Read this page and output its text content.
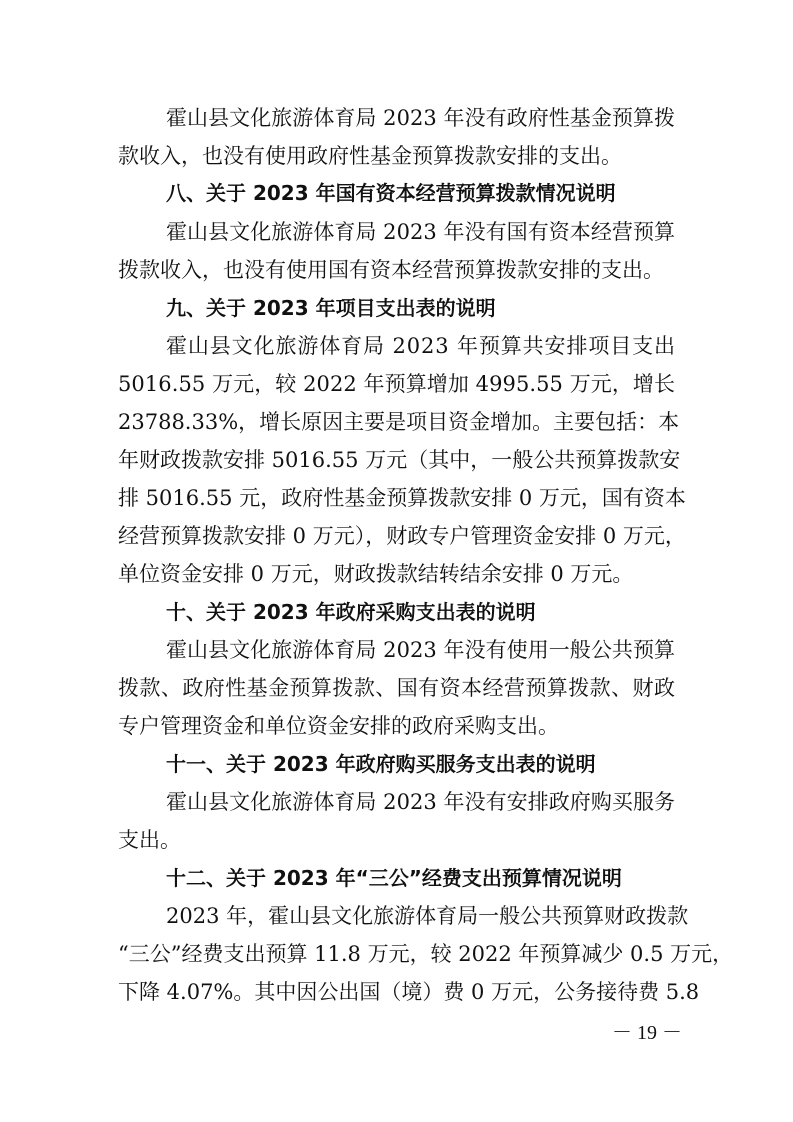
霍山县文化旅游体育局 2023 年没有政府性基金预算拨
款收入，也没有使用政府性基金预算拨款安排的支出。
八、关于 2023 年国有资本经营预算拨款情况说明
霍山县文化旅游体育局 2023 年没有国有资本经营预算
拨款收入，也没有使用国有资本经营预算拨款安排的支出。
九、关于 2023 年项目支出表的说明
霍山县文化旅游体育局 2023 年预算共安排项目支出
5016.55 万元，较 2022 年预算增加 4995.55 万元，增长
23788.33%，增长原因主要是项目资金增加。主要包括：本
年财政拨款安排 5016.55 万元（其中，一般公共预算拨款安
排 5016.55 元，政府性基金预算拨款安排 0 万元，国有资本
经营预算拨款安排 0 万元），财政专户管理资金安排 0 万元，
单位资金安排 0 万元，财政拨款结转结余安排 0 万元。
十、关于 2023 年政府采购支出表的说明
霍山县文化旅游体育局 2023 年没有使用一般公共预算
拨款、政府性基金预算拨款、国有资本经营预算拨款、财政
专户管理资金和单位资金安排的政府采购支出。
十一、关于 2023 年政府购买服务支出表的说明
霍山县文化旅游体育局 2023 年没有安排政府购买服务
支出。
十二、关于 2023 年“三公”经费支出预算情况说明
2023 年，霍山县文化旅游体育局一般公共预算财政拨款
“三公”经费支出预算 11.8 万元，较 2022 年预算减少 0.5 万元，
下降 4.07%。其中因公出国（境）费 0 万元，公务接待费 5.8
－ 19 －
